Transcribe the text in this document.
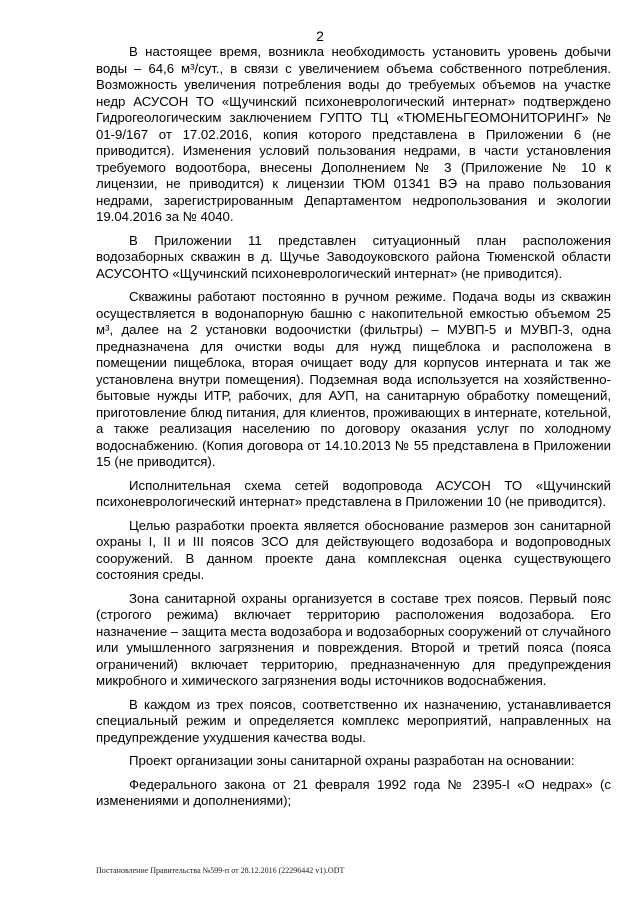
2

В настоящее время, возникла необходимость установить уровень добычи воды – 64,6 м³/сут., в связи с увеличением объема собственного потребления. Возможность увеличения потребления воды до требуемых объемов на участке недр АСУСОН ТО «Щучинский психоневрологический интернат» подтверждено Гидрогеологическим заключением ГУПТО ТЦ «ТЮМЕНЬГЕОМОНИТОРИНГ» № 01-9/167 от 17.02.2016, копия которого представлена в Приложении 6 (не приводится). Изменения условий пользования недрами, в части установления требуемого водоотбора, внесены Дополнением № 3 (Приложение № 10 к лицензии, не приводится) к лицензии ТЮМ 01341 ВЭ на право пользования недрами, зарегистрированным Департаментом недропользования и экологии 19.04.2016 за № 4040.

В Приложении 11 представлен ситуационный план расположения водозаборных скважин в д. Щучье Заводоуковского района Тюменской области АСУСОНТО «Щучинский психоневрологический интернат» (не приводится).

Скважины работают постоянно в ручном режиме. Подача воды из скважин осуществляется в водонапорную башню с накопительной емкостью объемом 25 м³, далее на 2 установки водоочистки (фильтры) – МУВП-5 и МУВП-3, одна предназначена для очистки воды для нужд пищеблока и расположена в помещении пищеблока, вторая очищает воду для корпусов интерната и так же установлена внутри помещения). Подземная вода используется на хозяйственно-бытовые нужды ИТР, рабочих, для АУП, на санитарную обработку помещений, приготовление блюд питания, для клиентов, проживающих в интернате, котельной, а также реализация населению по договору оказания услуг по холодному водоснабжению. (Копия договора от 14.10.2013 № 55 представлена в Приложении 15 (не приводится).

Исполнительная схема сетей водопровода АСУСОН ТО «Щучинский психоневрологический интернат» представлена в Приложении 10 (не приводится).

Целью разработки проекта является обоснование размеров зон санитарной охраны I, II и III поясов ЗСО для действующего водозабора и водопроводных сооружений. В данном проекте дана комплексная оценка существующего состояния среды.

Зона санитарной охраны организуется в составе трех поясов. Первый пояс (строгого режима) включает территорию расположения водозабора. Его назначение – защита места водозабора и водозаборных сооружений от случайного или умышленного загрязнения и повреждения. Второй и третий пояса (пояса ограничений) включает территорию, предназначенную для предупреждения микробного и химического загрязнения воды источников водоснабжения.

В каждом из трех поясов, соответственно их назначению, устанавливается специальный режим и определяется комплекс мероприятий, направленных на предупреждение ухудшения качества воды.

Проект организации зоны санитарной охраны разработан на основании:

Федерального закона от 21 февраля 1992 года № 2395-I «О недрах» (с изменениями и дополнениями);

Постановление Правительства №599-п от 28.12.2016 (22296442 v1).ODT
